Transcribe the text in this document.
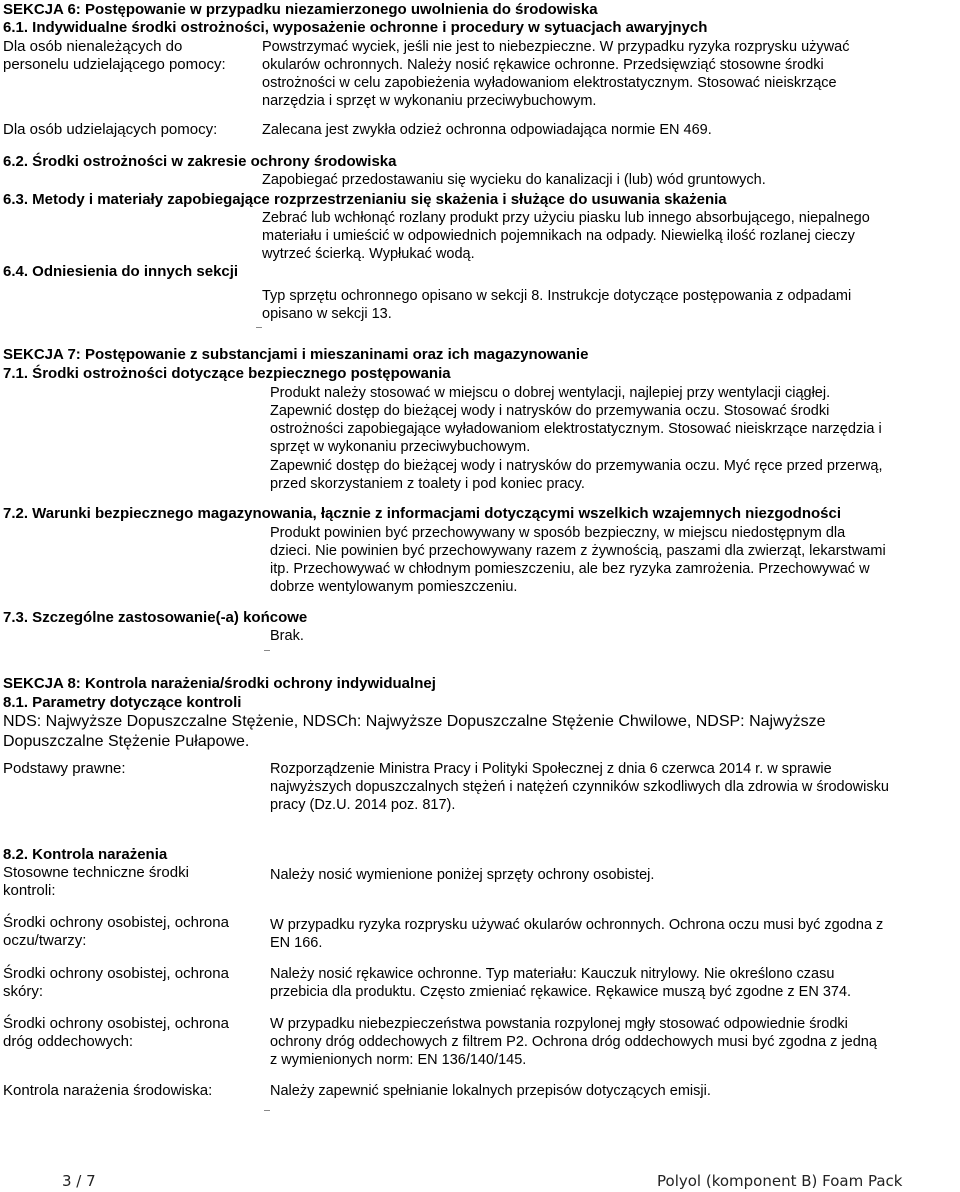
SEKCJA 6: Postępowanie w przypadku niezamierzonego uwolnienia do środowiska
6.1. Indywidualne środki ostrożności, wyposażenie ochronne i procedury w sytuacjach awaryjnych
Dla osób nienależących do
personelu udzielającego pomocy:
Powstrzymać wyciek, jeśli nie jest to niebezpieczne. W przypadku ryzyka rozprysku używać
okularów ochronnych. Należy nosić rękawice ochronne. Przedsięwziąć stosowne środki
ostrożności w celu zapobieżenia wyładowaniom elektrostatycznym. Stosować nieiskrzące
narzędzia i sprzęt w wykonaniu przeciwybuchowym.
Dla osób udzielających pomocy:	Zalecana jest zwykła odzież ochronna odpowiadająca normie EN 469.
6.2. Środki ostrożności w zakresie ochrony środowiska
Zapobiegać przedostawaniu się wycieku do kanalizacji i (lub) wód gruntowych.
6.3. Metody i materiały zapobiegające rozprzestrzenianiu się skażenia i służące do usuwania skażenia
Zebrać lub wchłonąć rozlany produkt przy użyciu piasku lub innego absorbującego, niepalnego
materiału i umieścić w odpowiednich pojemnikach na odpady. Niewielką ilość rozlanej cieczy
wytrzeć ścierką. Wypłukać wodą.
6.4. Odniesienia do innych sekcji
Typ sprzętu ochronnego opisano w sekcji 8. Instrukcje dotyczące postępowania z odpadami
opisano w sekcji 13.
SEKCJA 7: Postępowanie z substancjami i mieszaninami oraz ich magazynowanie
7.1. Środki ostrożności dotyczące bezpiecznego postępowania
Produkt należy stosować w miejscu o dobrej wentylacji, najlepiej przy wentylacji ciągłej.
Zapewnić dostęp do bieżącej wody i natrysków do przemywania oczu. Stosować środki
ostrożności zapobiegające wyładowaniom elektrostatycznym. Stosować nieiskrzące narzędzia i
sprzęt w wykonaniu przeciwybuchowym.
Zapewnić dostęp do bieżącej wody i natrysków do przemywania oczu. Myć ręce przed przerwą,
przed skorzystaniem z toalety i pod koniec pracy.
7.2. Warunki bezpiecznego magazynowania, łącznie z informacjami dotyczącymi wszelkich wzajemnych niezgodności
Produkt powinien być przechowywany w sposób bezpieczny, w miejscu niedostępnym dla
dzieci. Nie powinien być przechowywany razem z żywnością, paszami dla zwierząt, lekarstwami
itp. Przechowywać w chłodnym pomieszczeniu, ale bez ryzyka zamrożenia. Przechowywać w
dobrze wentylowanym pomieszczeniu.
7.3. Szczególne zastosowanie(-a) końcowe
Brak.
SEKCJA 8: Kontrola narażenia/środki ochrony indywidualnej
8.1. Parametry dotyczące kontroli
NDS: Najwyższe Dopuszczalne Stężenie, NDSCh: Najwyższe Dopuszczalne Stężenie Chwilowe, NDSP: Najwyższe
Dopuszczalne Stężenie Pułapowe.
Podstawy prawne:	Rozporządzenie Ministra Pracy i Polityki Społecznej z dnia 6 czerwca 2014 r. w sprawie
najwyższych dopuszczalnych stężeń i natężeń czynników szkodliwych dla zdrowia w środowisku
pracy (Dz.U. 2014 poz. 817).
8.2. Kontrola narażenia
Stosowne techniczne środki
kontroli:
Należy nosić wymienione poniżej sprzęty ochrony osobistej.
Środki ochrony osobistej, ochrona
oczu/twarzy:
W przypadku ryzyka rozprysku używać okularów ochronnych. Ochrona oczu musi być zgodna z
EN 166.
Środki ochrony osobistej, ochrona
skóry:
Należy nosić rękawice ochronne. Typ materiału: Kauczuk nitrylowy. Nie określono czasu
przebicia dla produktu. Często zmieniać rękawice. Rękawice muszą być zgodne z EN 374.
Środki ochrony osobistej, ochrona
dróg oddechowych:
W przypadku niebezpieczeństwa powstania rozpylonej mgły stosować odpowiednie środki
ochrony dróg oddechowych z filtrem P2. Ochrona dróg oddechowych musi być zgodna z jedną
z wymienionych norm: EN 136/140/145.
Kontrola narażenia środowiska:	Należy zapewnić spełnianie lokalnych przepisów dotyczących emisji.
3 / 7	Polyol (komponent B) Foam Pack
